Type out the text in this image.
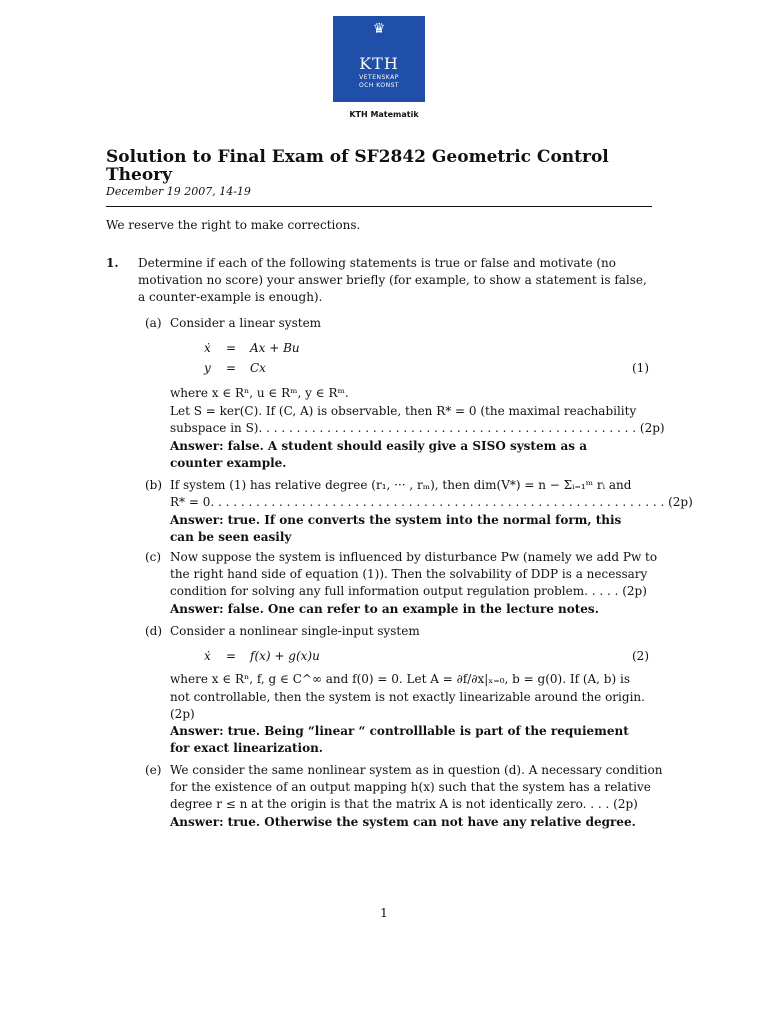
♛
KTH
VETENSKAP
OCH KONST
KTH Matematik
Solution to Final Exam of SF2842 Geometric Control Theory
December 19 2007, 14-19
We reserve the right to make corrections.
1. Determine if each of the following statements is true or false and motivate (no
motivation no score) your answer briefly (for example, to show a statement is false,
a counter-example is enough).
(a) Consider a linear system
ẋ = Ax + Bu
y = Cx	(1)
where x ∈ Rⁿ, u ∈ Rᵐ, y ∈ Rᵐ.
Let S = ker(C). If (C, A) is observable, then R* = 0 (the maximal reachability
subspace in S). . . . . . . . . . . . . . . . . . . . . . . . . . . . . . . . . . . . . . . . . . . . . . . . . . (2p)
Answer: false. A student should easily give a SISO system as a
counter example.
(b) If system (1) has relative degree (r₁, ··· , rₘ), then dim(V*) = n − Σᵢ₌₁ᵐ rᵢ and
R* = 0. . . . . . . . . . . . . . . . . . . . . . . . . . . . . . . . . . . . . . . . . . . . . . . . . . . . . . . . . . . . (2p)
Answer: true. If one converts the system into the normal form, this
can be seen easily
(c) Now suppose the system is influenced by disturbance Pw (namely we add Pw to
the right hand side of equation (1)). Then the solvability of DDP is a necessary
condition for solving any full information output regulation problem. . . . . (2p)
Answer: false. One can refer to an example in the lecture notes.
(d) Consider a nonlinear single-input system
ẋ = f(x) + g(x)u	(2)
where x ∈ Rⁿ, f, g ∈ C^∞ and f(0) = 0. Let A = ∂f/∂x|ₓ₌₀, b = g(0). If (A, b) is
not controllable, then the system is not exactly linearizable around the origin.
(2p)
Answer: true. Being “linear “ controlllable is part of the requiement
for exact linearization.
(e) We consider the same nonlinear system as in question (d). A necessary condition
for the existence of an output mapping h(x) such that the system has a relative
degree r ≤ n at the origin is that the matrix A is not identically zero. . . . (2p)
Answer: true. Otherwise the system can not have any relative degree.
1
